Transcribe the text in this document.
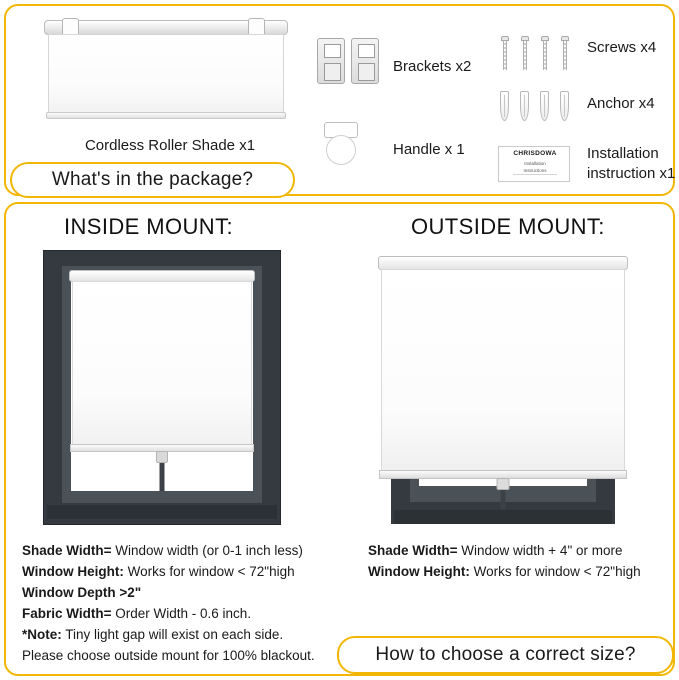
Cordless Roller Shade x1
Brackets x2
Screws x4
Anchor x4
Handle x 1	CHRISDOWA
Installation
Instructions
Installation instruction x1
What's in the package?
INSIDE MOUNT:	OUTSIDE MOUNT:
Shade Width= Window width (or 0-1 inch less)
Window Height: Works for window < 72"high
Window Depth >2"
Fabric Width= Order Width - 0.6 inch.
*Note: Tiny light gap will exist on each side.
Please choose outside mount for 100% blackout.
Shade Width= Window width + 4" or more
Window Height: Works for window < 72"high
How to choose a correct size?
